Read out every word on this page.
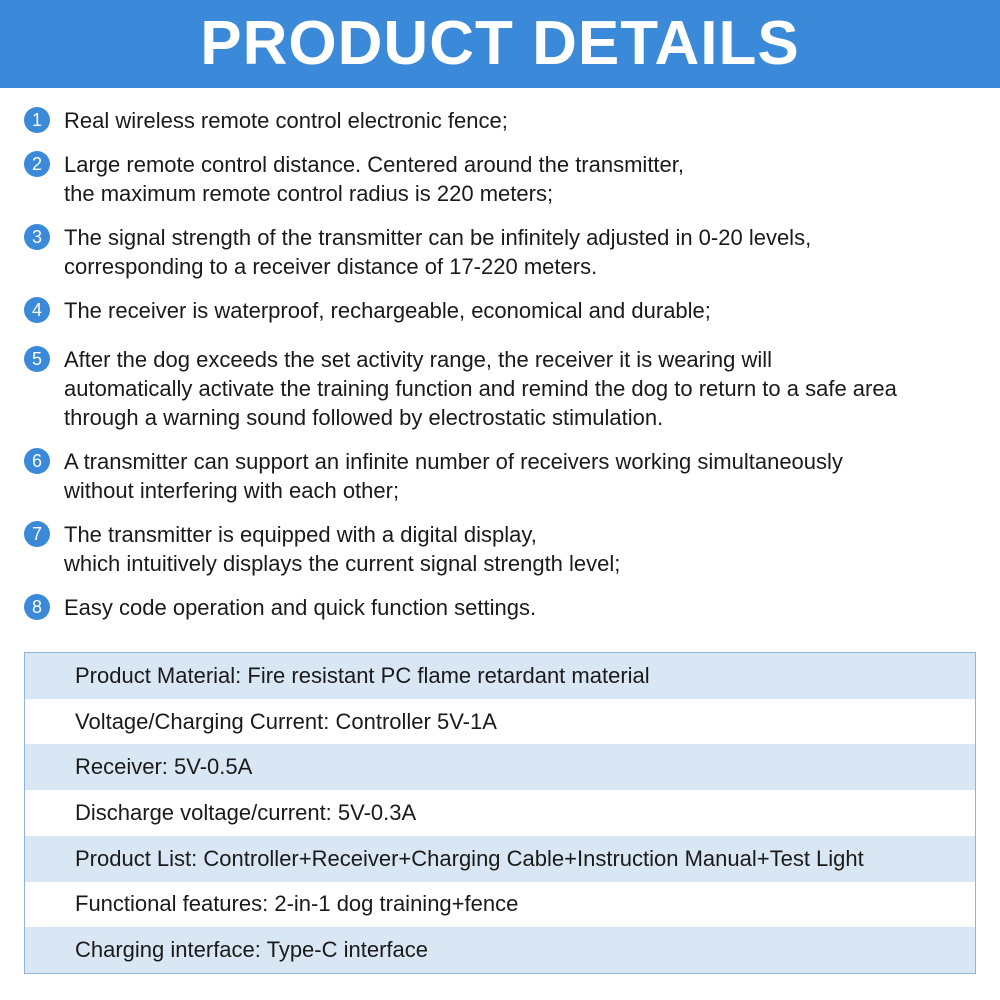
PRODUCT DETAILS
1	Real wireless remote control electronic fence;
2	Large remote control distance. Centered around the transmitter,
the maximum remote control radius is 220 meters;
3	The signal strength of the transmitter can be infinitely adjusted in 0-20 levels,
corresponding to a receiver distance of 17-220 meters.
4	The receiver is waterproof, rechargeable, economical and durable;
5	After the dog exceeds the set activity range, the receiver it is wearing will
automatically activate the training function and remind the dog to return to a safe area
through a warning sound followed by electrostatic stimulation.
6	A transmitter can support an infinite number of receivers working simultaneously
without interfering with each other;
7	The transmitter is equipped with a digital display,
which intuitively displays the current signal strength level;
8	Easy code operation and quick function settings.
Product Material: Fire resistant PC flame retardant material
Voltage/Charging Current: Controller 5V-1A
Receiver: 5V-0.5A
Discharge voltage/current: 5V-0.3A
Product List: Controller+Receiver+Charging Cable+Instruction Manual+Test Light
Functional features: 2-in-1 dog training+fence
Charging interface: Type-C interface
